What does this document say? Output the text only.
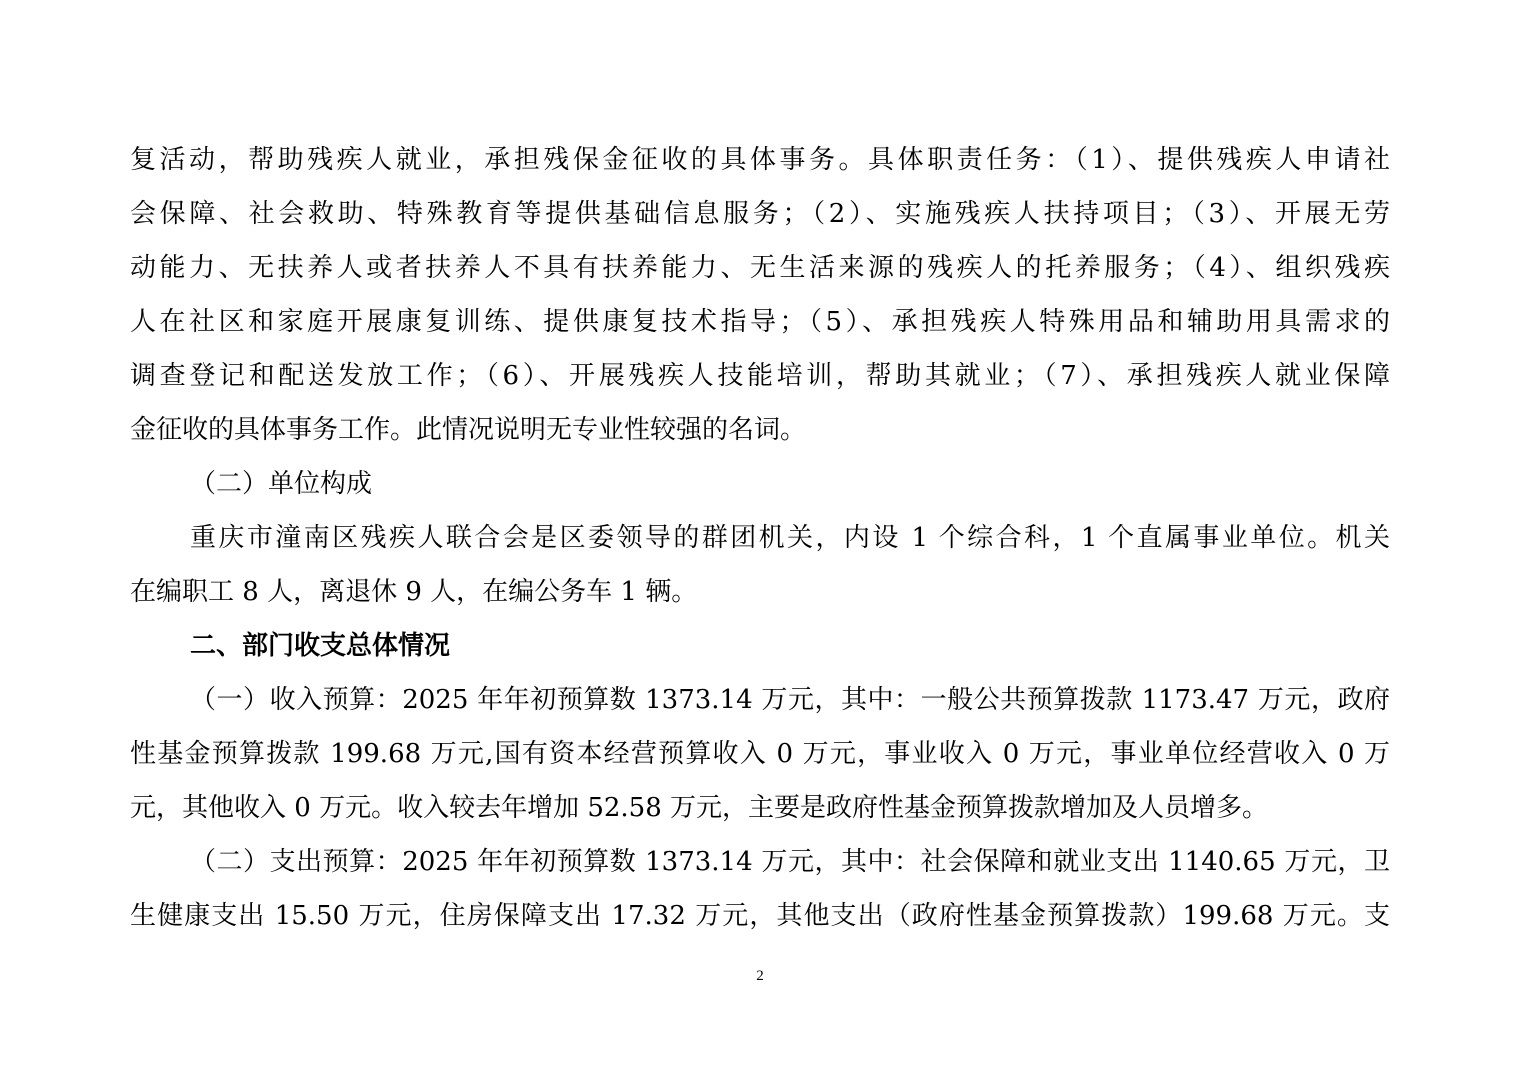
复活动，帮助残疾人就业，承担残保金征收的具体事务。具体职责任务：（1）、提供残疾人申请社
会保障、社会救助、特殊教育等提供基础信息服务；（2）、实施残疾人扶持项目；（3）、开展无劳
动能力、无扶养人或者扶养人不具有扶养能力、无生活来源的残疾人的托养服务；（4）、组织残疾
人在社区和家庭开展康复训练、提供康复技术指导；（5）、承担残疾人特殊用品和辅助用具需求的
调查登记和配送发放工作；（6）、开展残疾人技能培训，帮助其就业；（7）、承担残疾人就业保障
金征收的具体事务工作。此情况说明无专业性较强的名词。
（二）单位构成
重庆市潼南区残疾人联合会是区委领导的群团机关，内设 1 个综合科，1 个直属事业单位。机关
在编职工 8 人，离退休 9 人，在编公务车 1 辆。
二、部门收支总体情况
（一）收入预算：2025 年年初预算数 1373.14 万元，其中：一般公共预算拨款 1173.47 万元，政府
性基金预算拨款 199.68 万元,国有资本经营预算收入 0 万元，事业收入 0 万元，事业单位经营收入 0 万
元，其他收入 0 万元。收入较去年增加 52.58 万元，主要是政府性基金预算拨款增加及人员增多。
（二）支出预算：2025 年年初预算数 1373.14 万元，其中：社会保障和就业支出 1140.65 万元，卫
生健康支出 15.50 万元，住房保障支出 17.32 万元，其他支出（政府性基金预算拨款）199.68 万元。支
2
